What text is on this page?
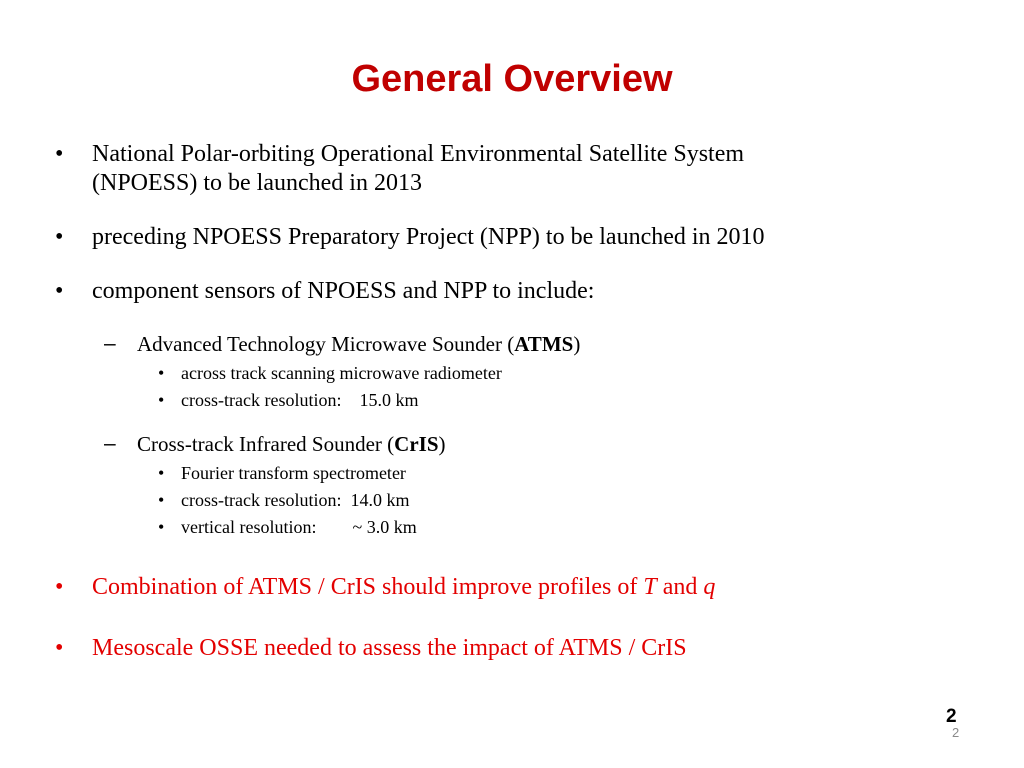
General Overview
• National Polar-orbiting Operational Environmental Satellite System
(NPOESS) to be launched in 2013
• preceding NPOESS Preparatory Project (NPP) to be launched in 2010
• component sensors of NPOESS and NPP to include:
– Advanced Technology Microwave Sounder (ATMS)
• across track scanning microwave radiometer
• cross-track resolution:    15.0 km
– Cross-track Infrared Sounder (CrIS)
• Fourier transform spectrometer
• cross-track resolution:  14.0 km
• vertical resolution:        ~ 3.0 km
• Combination of ATMS / CrIS should improve profiles of T and q
• Mesoscale OSSE needed to assess the impact of ATMS / CrIS
2
2
